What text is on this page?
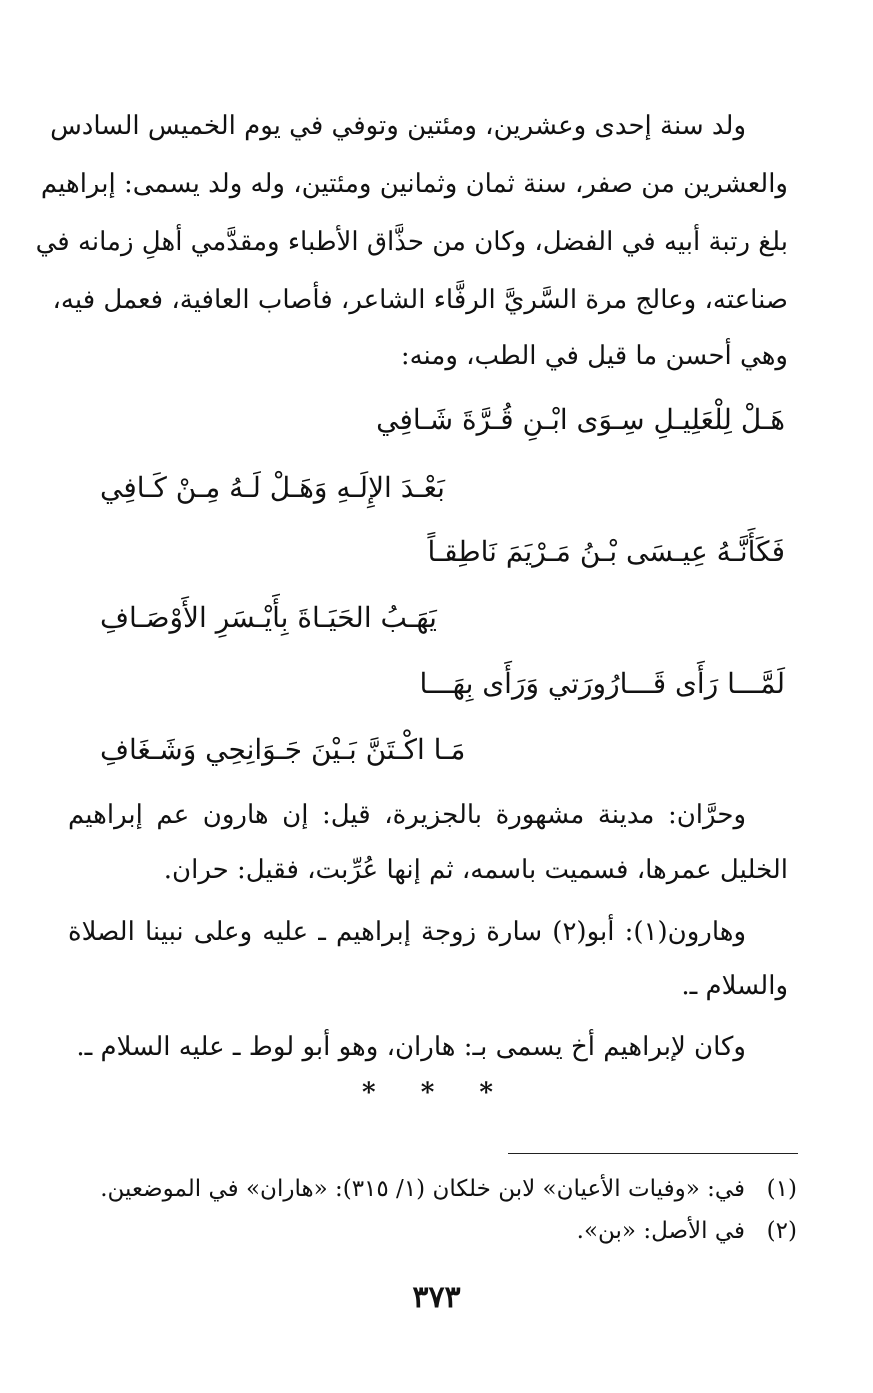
ولد سنة إحدى وعشرين، ومئتين وتوفي في يوم الخميس السادس
والعشرين من صفر، سنة ثمان وثمانين ومئتين، وله ولد يسمى: إبراهيم
بلغ رتبة أبيه في الفضل، وكان من حذَّاق الأطباء ومقدَّمي أهلِ زمانه في
صناعته، وعالج مرة السَّريَّ الرفَّاء الشاعر، فأصاب العافية، فعمل فيه،
وهي أحسن ما قيل في الطب، ومنه:
هَـلْ لِلْعَلِيـلِ سِـوَى ابْـنِ قُـرَّةَ شَـافِي
بَعْـدَ الإِلَـهِ وَهَـلْ لَـهُ مِـنْ كَـافِي
فَكَأَنَّـهُ عِيـسَى بْـنُ مَـرْيَمَ نَاطِقـاً
يَهَـبُ الحَيَـاةَ بِأَيْـسَرِ الأَوْصَـافِ
لَمَّـــا رَأَى قَـــارُورَتي وَرَأَى بِهَـــا
مَـا اكْـتَنَّ بَـيْنَ جَـوَانِحِي وَشَـغَافِ
وحرَّان: مدينة مشهورة بالجزيرة، قيل: إن هارون عم إبراهيم
الخليل عمرها، فسميت باسمه، ثم إنها عُرِّبت، فقيل: حران.
وهارون(١): أبو(٢) سارة زوجة إبراهيم ـ عليه وعلى نبينا الصلاة
والسلام ـ.
وكان لإبراهيم أخ يسمى بـ: هاران، وهو أبو لوط ـ عليه السلام ـ.
* * *
(١)في: «وفيات الأعيان» لابن خلكان (١/ ٣١٥): «هاران» في الموضعين.
(٢)في الأصل: «بن».
٣٧٣
